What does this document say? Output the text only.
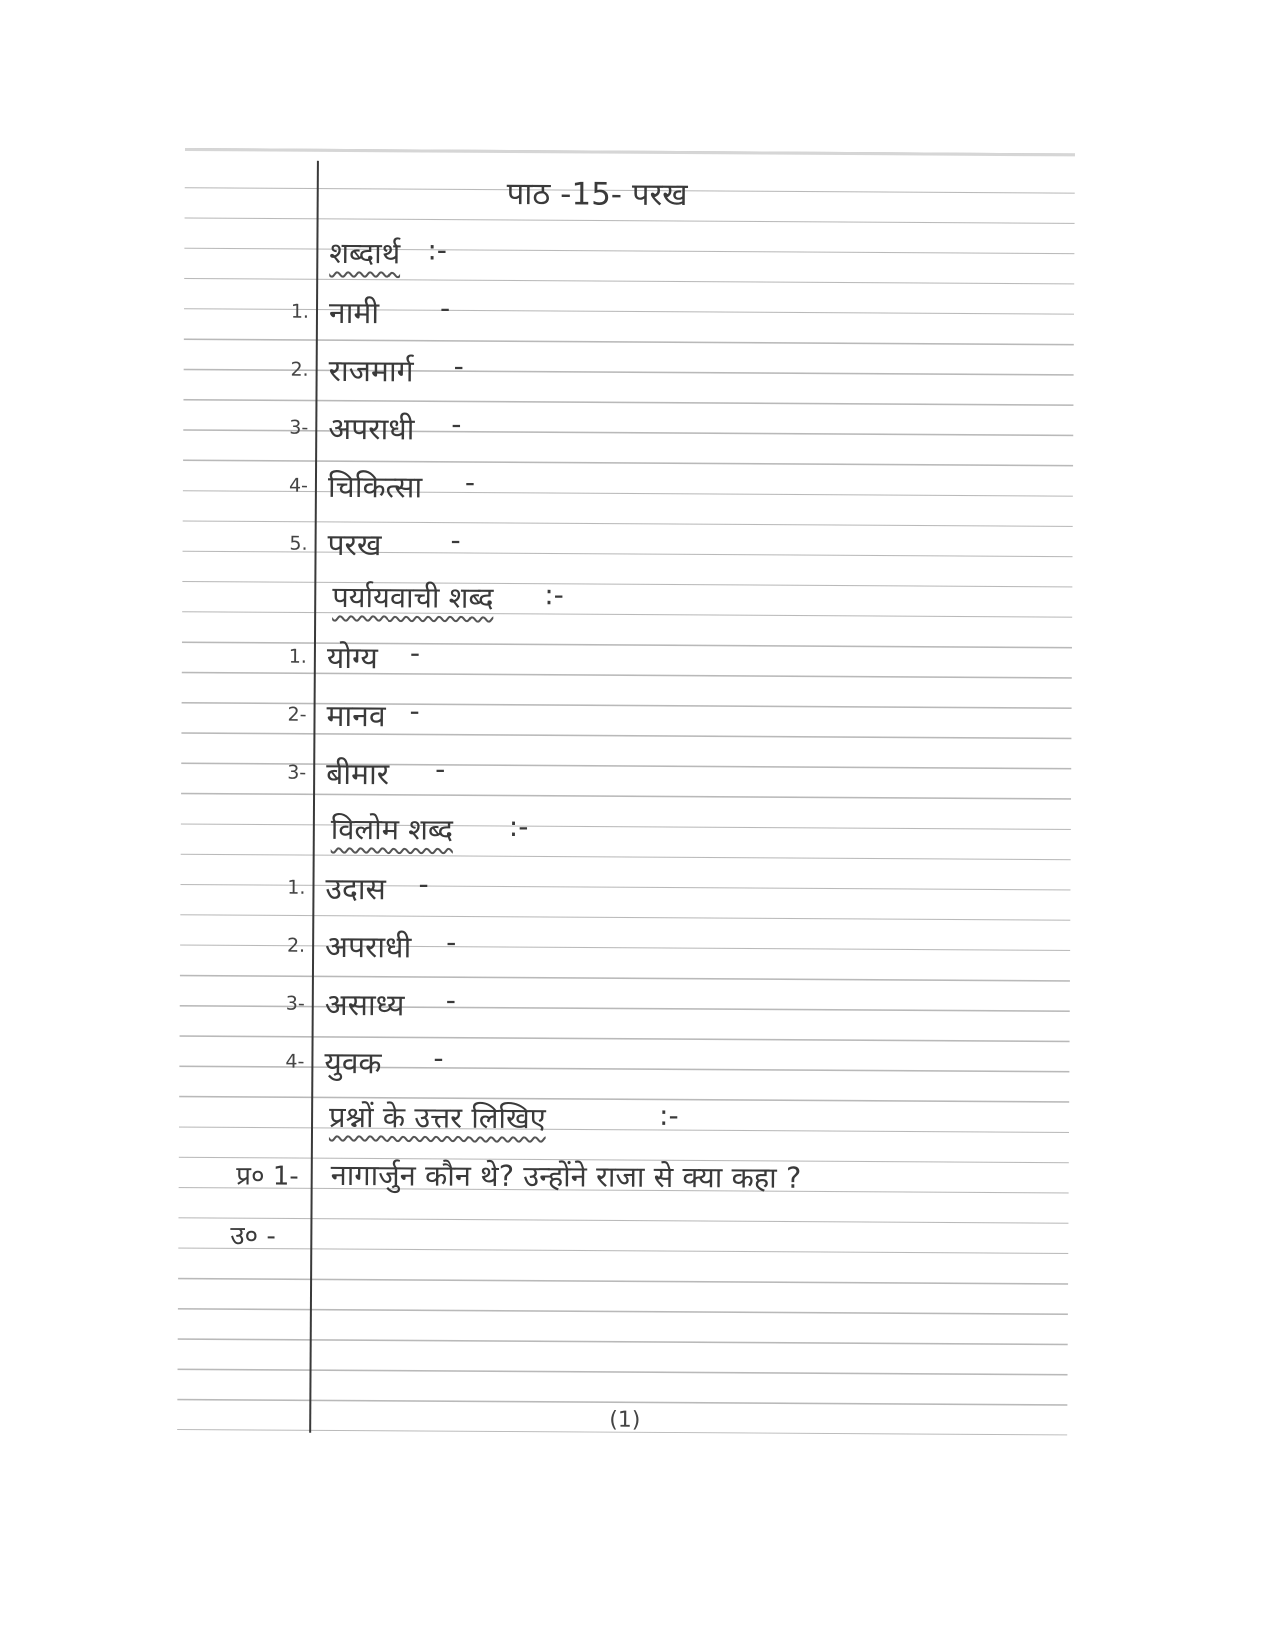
पाठ -15- परख
शब्दार्थ :-
1. नामी -
2. राजमार्ग -
3- अपराधी -
4- चिकित्सा -
5. परख -
पर्यायवाची शब्द :-
1. योग्य -
2- मानव -
3- बीमार -
विलोम शब्द :-
1. उदास -
2. अपराधी -
3- असाध्य -
4- युवक -
प्रश्नों के उत्तर लिखिए	:-
प्र० 1- नागार्जुन कौन थे? उन्होंने राजा से क्या कहा ?
उ० -
(1)
